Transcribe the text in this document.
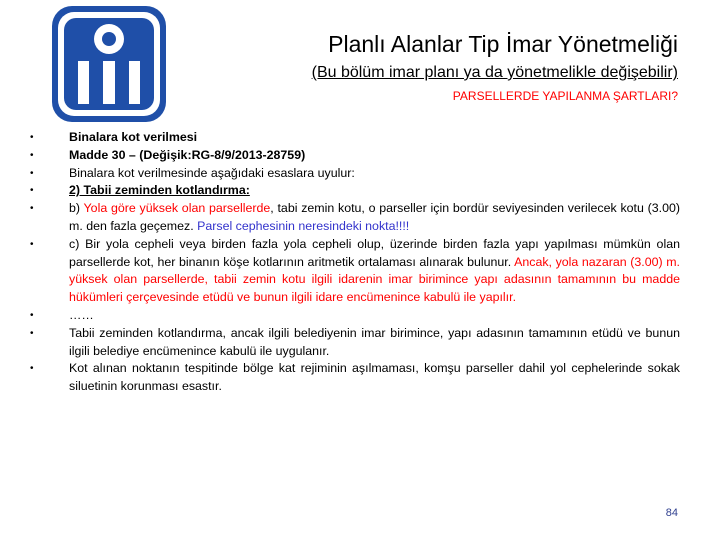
Planlı Alanlar Tip İmar Yönetmeliği
(Bu bölüm imar planı ya da yönetmelikle değişebilir)
PARSELLERDE YAPILANMA ŞARTLARI?
• Binalara kot verilmesi
• Madde 30 – (Değişik:RG-8/9/2013-28759)
• Binalara kot verilmesinde aşağıdaki esaslara uyulur:
• 2) Tabii zeminden kotlandırma:
• b) Yola göre yüksek olan parsellerde, tabi zemin kotu, o parseller için bordür seviyesinden verilecek kotu (3.00) m. den fazla geçemez. Parsel cephesinin neresindeki nokta!!!!
• c) Bir yola cepheli veya birden fazla yola cepheli olup, üzerinde birden fazla yapı yapılması mümkün olan parsellerde kot, her binanın köşe kotlarının aritmetik ortalaması alınarak bulunur. Ancak, yola nazaran (3.00) m. yüksek olan parsellerde, tabii zemin kotu ilgili idarenin imar birimince yapı adasının tamamının bu madde hükümleri çerçevesinde etüdü ve bunun ilgili idare encümenince kabulü ile yapılır.
• ……
• Tabii zeminden kotlandırma, ancak ilgili belediyenin imar birimince, yapı adasının tamamının etüdü ve bunun ilgili belediye encümenince kabulü ile uygulanır.
• Kot alınan noktanın tespitinde bölge kat rejiminin aşılmaması, komşu parseller dahil yol cephelerinde sokak siluetinin korunması esastır.
84
